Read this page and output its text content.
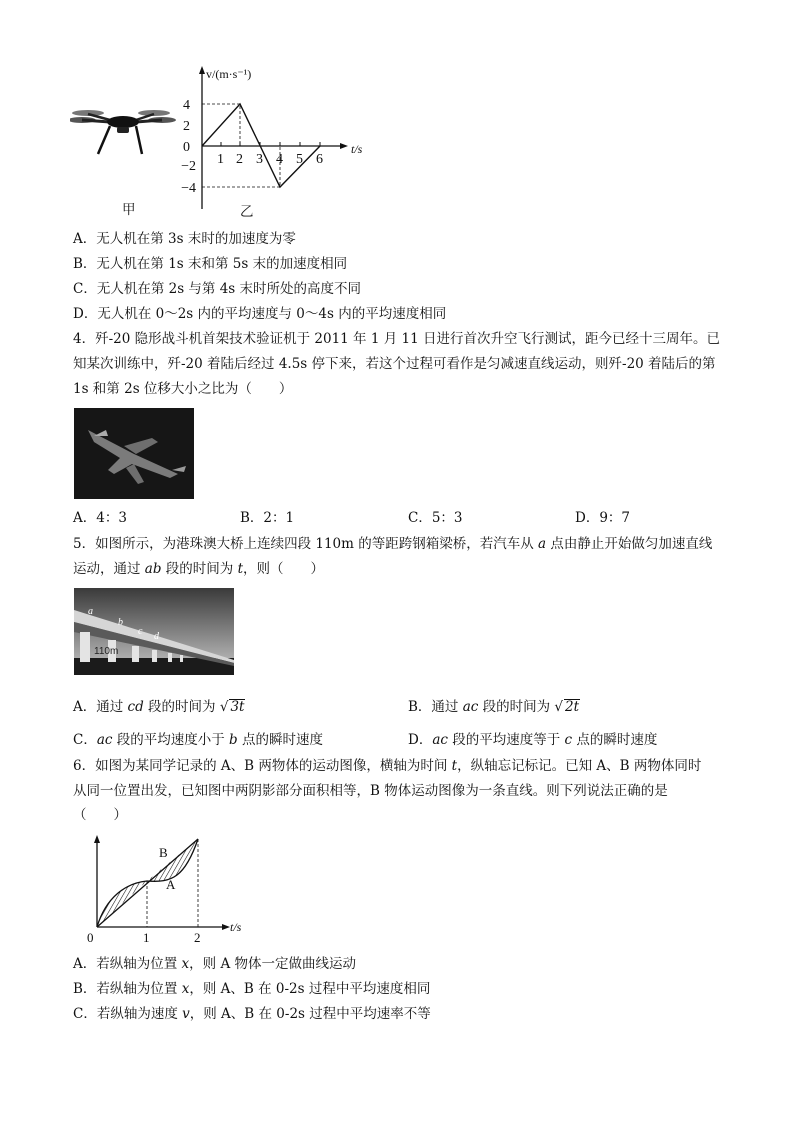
甲
v/(m·s⁻¹)
t/s
4
2
0
−2
−4
1 2 3 4 5 6
乙
A．无人机在第 3s 末时的加速度为零
B．无人机在第 1s 末和第 5s 末的加速度相同
C．无人机在第 2s 与第 4s 末时所处的高度不同
D．无人机在 0～2s 内的平均速度与 0～4s 内的平均速度相同
4．歼-20 隐形战斗机首架技术验证机于 2011 年 1 月 11 日进行首次升空飞行测试，距今已经十三周年。已
知某次训练中，歼-20 着陆后经过 4.5s 停下来，若这个过程可看作是匀减速直线运动，则歼-20 着陆后的第
1s 和第 2s 位移大小之比为（　　）
A．4：3	B．2：1	C．5：3	D．9：7
5．如图所示，为港珠澳大桥上连续四段 110m 的等距跨钢箱梁桥，若汽车从 a 点由静止开始做匀加速直线
运动，通过 ab 段的时间为 t，则（　　）
a
b
c d
110m
A．通过 cd 段的时间为 √ 3t	B．通过 ac 段的时间为 √ 2t
C．ac 段的平均速度小于 b 点的瞬时速度	D．ac 段的平均速度等于 c 点的瞬时速度
6．如图为某同学记录的 A、B 两物体的运动图像，横轴为时间 t，纵轴忘记标记。已知 A、B 两物体同时
从同一位置出发，已知图中两阴影部分面积相等，B 物体运动图像为一条直线。则下列说法正确的是
（　　）
B
A
0	1	2
t/s
A．若纵轴为位置 x，则 A 物体一定做曲线运动
B．若纵轴为位置 x，则 A、B 在 0-2s 过程中平均速度相同
C．若纵轴为速度 v，则 A、B 在 0-2s 过程中平均速率不等
